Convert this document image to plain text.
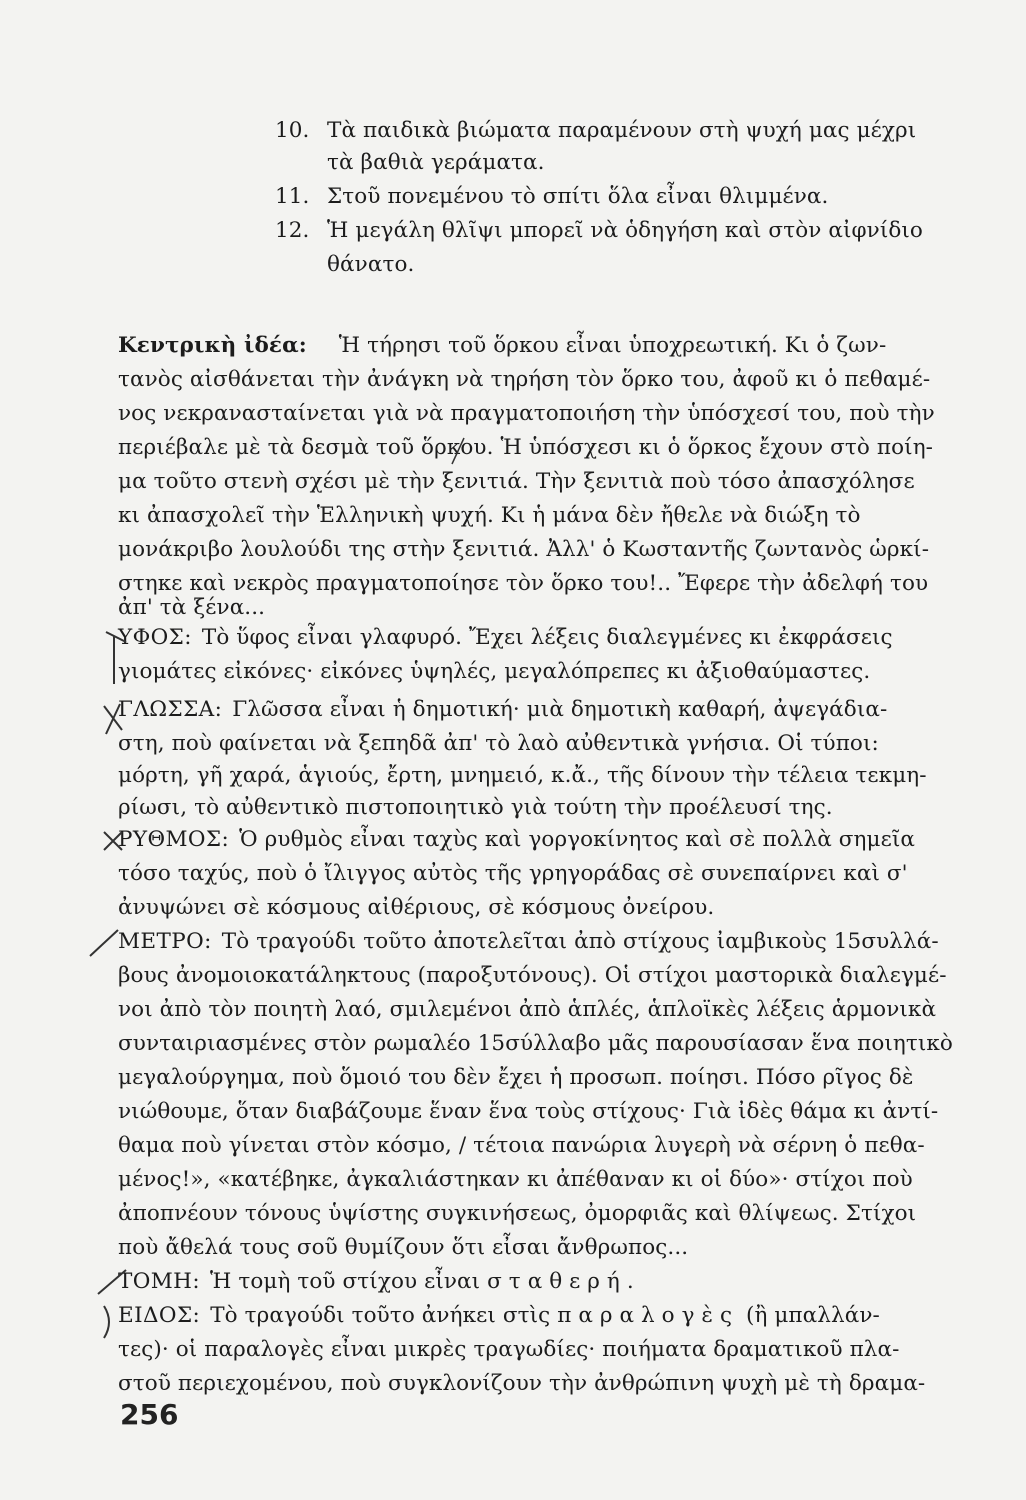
10. Τὰ παιδικὰ βιώματα παραμένουν στὴ ψυχή μας μέχρι
τὰ βαθιὰ γεράματα.
11. Στοῦ πονεμένου τὸ σπίτι ὅλα εἶναι θλιμμένα.
12. Ἡ μεγάλη θλῖψι μπορεῖ νὰ ὁδηγήση καὶ στὸν αἰφνίδιο
θάνατο.
Κεντρικὴ ἰδέα: Ἡ τήρησι τοῦ ὅρκου εἶναι ὑποχρεωτική. Κι ὁ ζων-
τανὸς αἰσθάνεται τὴν ἀνάγκη νὰ τηρήση τὸν ὅρκο του, ἀφοῦ κι ὁ πεθαμέ-
νος νεκρανασταίνεται γιὰ νὰ πραγματοποιήση τὴν ὑπόσχεσί του, ποὺ τὴν
περιέβαλε μὲ τὰ δεσμὰ τοῦ ὅρκου. Ἡ ὑπόσχεσι κι ὁ ὅρκος ἔχουν στὸ ποίη-
μα τοῦτο στενὴ σχέσι μὲ τὴν ξενιτιά. Τὴν ξενιτιὰ ποὺ τόσο ἀπασχόλησε
κι ἀπασχολεῖ τὴν Ἑλληνικὴ ψυχή. Κι ἡ μάνα δὲν ἤθελε νὰ διώξη τὸ
μονάκριβο λουλούδι της στὴν ξενιτιά. Ἀλλ' ὁ Κωσταντῆς ζωντανὸς ὡρκί-
στηκε καὶ νεκρὸς πραγματοποίησε τὸν ὅρκο του!.. Ἔφερε τὴν ἀδελφή του
ἀπ' τὰ ξένα...
ΥΦΟΣ: Τὸ ὕφος εἶναι γλαφυρό. Ἔχει λέξεις διαλεγμένες κι ἐκφράσεις
γιομάτες εἰκόνες· εἰκόνες ὑψηλές, μεγαλόπρεπες κι ἀξιοθαύμαστες.
ΓΛΩΣΣΑ: Γλῶσσα εἶναι ἡ δημοτική· μιὰ δημοτικὴ καθαρή, ἀψεγάδια-
στη, ποὺ φαίνεται νὰ ξεπηδᾶ ἀπ' τὸ λαὸ αὐθεντικὰ γνήσια. Οἱ τύποι:
μόρτη, γῆ χαρά, ἁγιούς, ἔρτη, μνημειό, κ.ἄ., τῆς δίνουν τὴν τέλεια τεκμη-
ρίωσι, τὸ αὐθεντικὸ πιστοποιητικὸ γιὰ τούτη τὴν προέλευσί της.
ΡΥΘΜΟΣ: Ὁ ρυθμὸς εἶναι ταχὺς καὶ γοργοκίνητος καὶ σὲ πολλὰ σημεῖα
τόσο ταχύς, ποὺ ὁ ἴλιγγος αὐτὸς τῆς γρηγοράδας σὲ συνεπαίρνει καὶ σ'
ἀνυψώνει σὲ κόσμους αἰθέριους, σὲ κόσμους ὀνείρου.
ΜΕΤΡΟ: Τὸ τραγούδι τοῦτο ἀποτελεῖται ἀπὸ στίχους ἰαμβικοὺς 15συλλά-
βους ἀνομοιοκατάληκτους (παροξυτόνους). Οἱ στίχοι μαστορικὰ διαλεγμέ-
νοι ἀπὸ τὸν ποιητὴ λαό, σμιλεμένοι ἀπὸ ἁπλές, ἁπλοϊκὲς λέξεις ἁρμονικὰ
συνταιριασμένες στὸν ρωμαλέο 15σύλλαβο μᾶς παρουσίασαν ἕνα ποιητικὸ
μεγαλούργημα, ποὺ ὅμοιό του δὲν ἔχει ἡ προσωπ. ποίησι. Πόσο ρῖγος δὲ
νιώθουμε, ὅταν διαβάζουμε ἕναν ἕνα τοὺς στίχους· Γιὰ ἰδὲς θάμα κι ἀντί-
θαμα ποὺ γίνεται στὸν κόσμο, / τέτοια πανώρια λυγερὴ νὰ σέρνη ὁ πεθα-
μένος!», «κατέβηκε, ἀγκαλιάστηκαν κι ἀπέθαναν κι οἱ δύο»· στίχοι ποὺ
ἀποπνέουν τόνους ὑψίστης συγκινήσεως, ὀμορφιᾶς καὶ θλίψεως. Στίχοι
ποὺ ἄθελά τους σοῦ θυμίζουν ὅτι εἶσαι ἄνθρωπος...
ΤΟΜΗ: Ἡ τομὴ τοῦ στίχου εἶναι σταθερή.
ΕΙΔΟΣ: Τὸ τραγούδι τοῦτο ἀνήκει στὶς παραλογὲς (ἢ μπαλλάν-
τες)· οἱ παραλογὲς εἶναι μικρὲς τραγωδίες· ποιήματα δραματικοῦ πλα-
στοῦ περιεχομένου, ποὺ συγκλονίζουν τὴν ἀνθρώπινη ψυχὴ μὲ τὴ δραμα-
256
